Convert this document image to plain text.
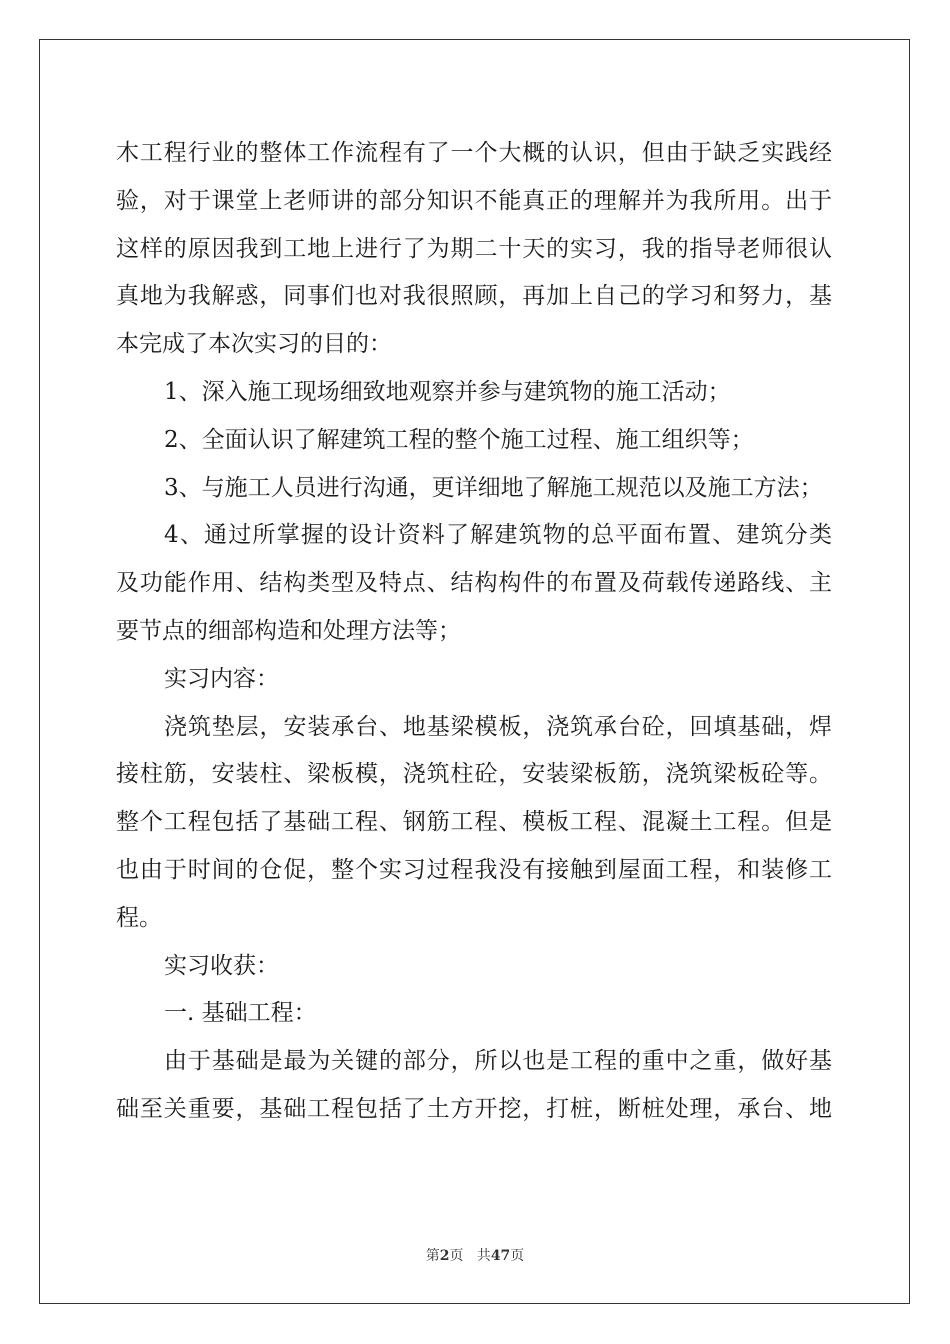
木工程行业的整体工作流程有了一个大概的认识，但由于缺乏实践经
验，对于课堂上老师讲的部分知识不能真正的理解并为我所用。出于
这样的原因我到工地上进行了为期二十天的实习，我的指导老师很认
真地为我解惑，同事们也对我很照顾，再加上自己的学习和努力，基
本完成了本次实习的目的：
1、深入施工现场细致地观察并参与建筑物的施工活动；
2、全面认识了解建筑工程的整个施工过程、施工组织等；
3、与施工人员进行沟通，更详细地了解施工规范以及施工方法；
4、通过所掌握的设计资料了解建筑物的总平面布置、建筑分类
及功能作用、结构类型及特点、结构构件的布置及荷载传递路线、主
要节点的细部构造和处理方法等；
实习内容：
浇筑垫层，安装承台、地基梁模板，浇筑承台砼，回填基础，焊
接柱筋，安装柱、梁板模，浇筑柱砼，安装梁板筋，浇筑梁板砼等。
整个工程包括了基础工程、钢筋工程、模板工程、混凝土工程。但是
也由于时间的仓促，整个实习过程我没有接触到屋面工程，和装修工
程。
实习收获：
一. 基础工程：
由于基础是最为关键的部分，所以也是工程的重中之重，做好基
础至关重要，基础工程包括了土方开挖，打桩，断桩处理，承台、地
第2页 共47页
